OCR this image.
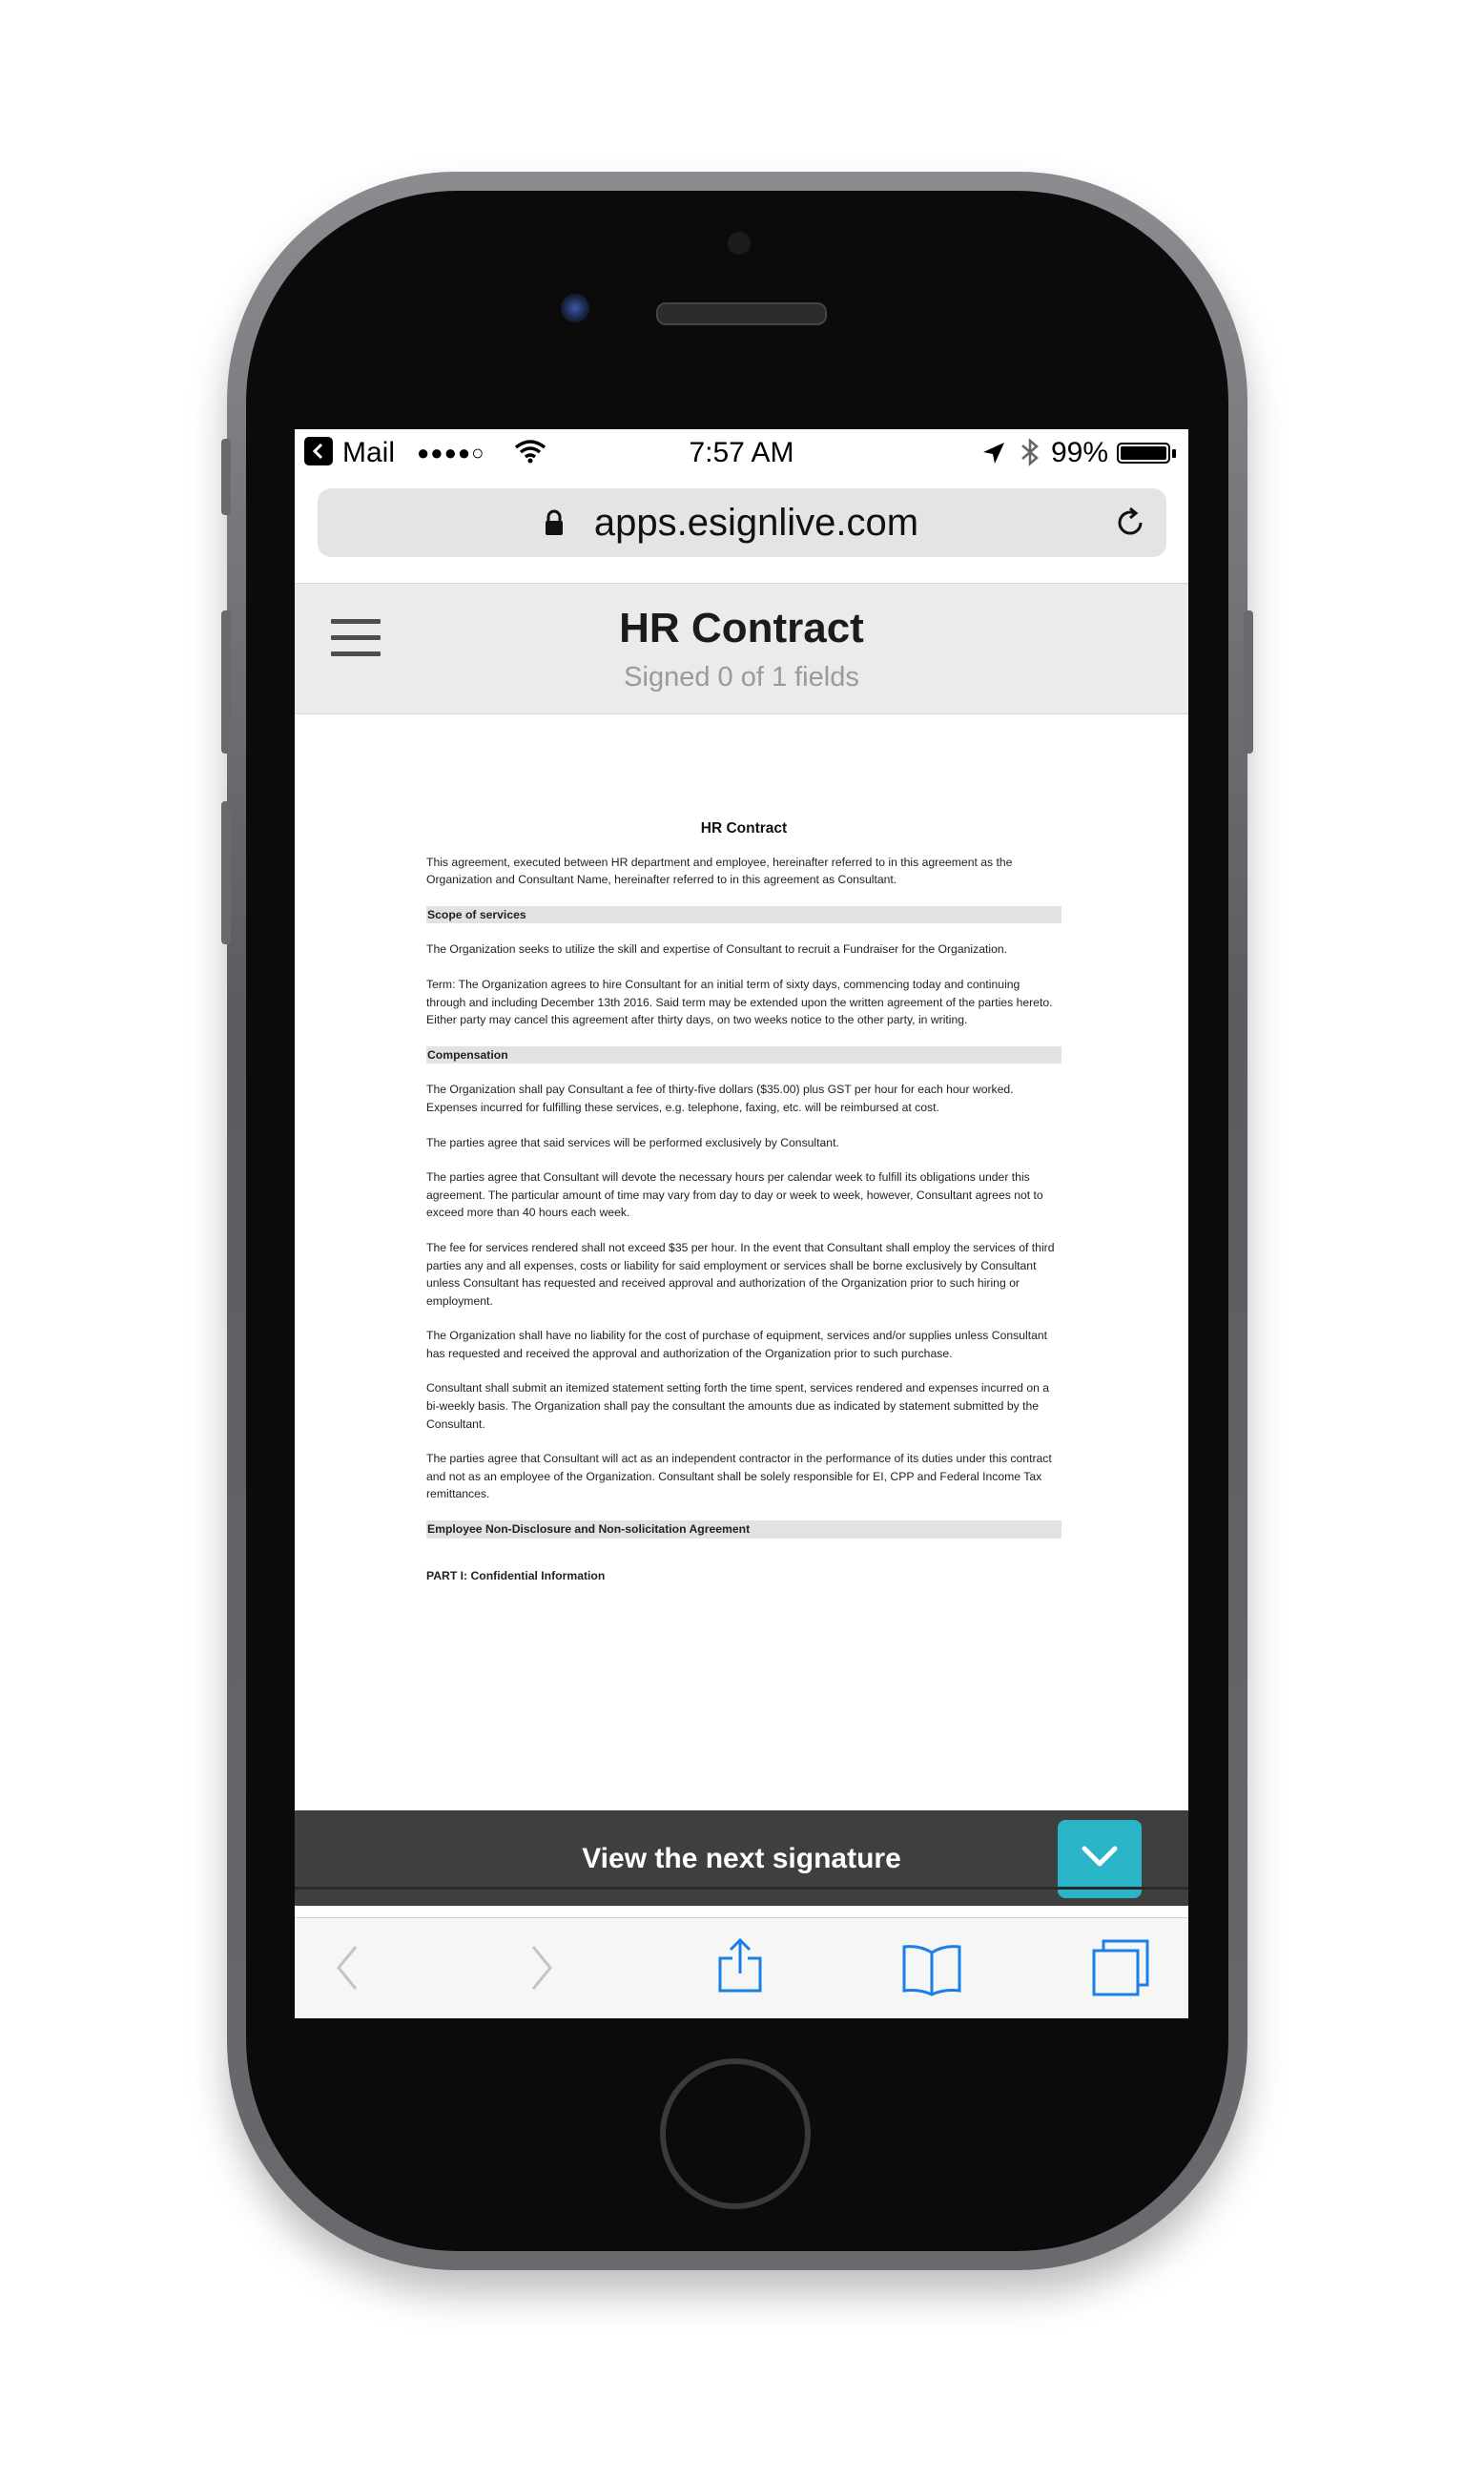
Mail ●●●●○	7:57 AM	99%
apps.esignlive.com
HR Contract
Signed 0 of 1 fields
HR Contract

This agreement, executed between HR department and employee, hereinafter referred to in this agreement as the Organization and Consultant Name, hereinafter referred to in this agreement as Consultant.

Scope of services

The Organization seeks to utilize the skill and expertise of Consultant to recruit a Fundraiser for the Organization.

Term: The Organization agrees to hire Consultant for an initial term of sixty days, commencing today and continuing through and including December 13th 2016. Said term may be extended upon the written agreement of the parties hereto. Either party may cancel this agreement after thirty days, on two weeks notice to the other party, in writing.

Compensation

The Organization shall pay Consultant a fee of thirty-five dollars ($35.00) plus GST per hour for each hour worked. Expenses incurred for fulfilling these services, e.g. telephone, faxing, etc. will be reimbursed at cost.

The parties agree that said services will be performed exclusively by Consultant.

The parties agree that Consultant will devote the necessary hours per calendar week to fulfill its obligations under this agreement. The particular amount of time may vary from day to day or week to week, however, Consultant agrees not to exceed more than 40 hours each week.

The fee for services rendered shall not exceed $35 per hour. In the event that Consultant shall employ the services of third parties any and all expenses, costs or liability for said employment or services shall be borne exclusively by Consultant unless Consultant has requested and received approval and authorization of the Organization prior to such hiring or employment.

The Organization shall have no liability for the cost of purchase of equipment, services and/or supplies unless Consultant has requested and received the approval and authorization of the Organization prior to such purchase.

Consultant shall submit an itemized statement setting forth the time spent, services rendered and expenses incurred on a bi-weekly basis. The Organization shall pay the consultant the amounts due as indicated by statement submitted by the Consultant.

The parties agree that Consultant will act as an independent contractor in the performance of its duties under this contract and not as an employee of the Organization. Consultant shall be solely responsible for EI, CPP and Federal Income Tax remittances.

Employee Non-Disclosure and Non-solicitation Agreement
PART I: Confidential Information
View the next signature
